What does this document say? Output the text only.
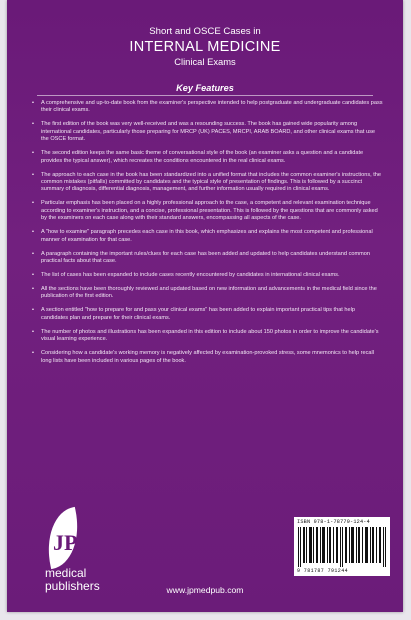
Short and OSCE Cases in
INTERNAL MEDICINE
Clinical Exams
Key Features
• A comprehensive and up-to-date book from the examiner's perspective intended to help postgraduate and undergraduate candidates pass their clinical exams.
• The first edition of the book was very well-received and was a resounding success. The book has gained wide popularity among international candidates, particularly those preparing for MRCP (UK) PACES, MRCPI, ARAB BOARD, and other clinical exams that use the OSCE format.
• The second edition keeps the same basic theme of conversational style of the book (an examiner asks a question and a candidate provides the typical answer), which recreates the conditions encountered in the real clinical exams.
• The approach to each case in the book has been standardized into a unified format that includes the common examiner's instructions, the common mistakes (pitfalls) committed by candidates and the typical style of presentation of findings. This is followed by a succinct summary of diagnosis, differential diagnosis, management, and further information usually required in clinical exams.
• Particular emphasis has been placed on a highly professional approach to the case, a competent and relevant examination technique according to examiner's instruction, and a concise, professional presentation. This is followed by the questions that are commonly asked by the examiners on each case along with their standard answers, encompassing all aspects of the case.
• A "how to examine" paragraph precedes each case in this book, which emphasizes and explains the most competent and professional manner of examination for that case.
• A paragraph containing the important rules/clues for each case has been added and updated to help candidates understand common practical facts about that case.
• The list of cases has been expanded to include cases recently encountered by candidates in international clinical exams.
• All the sections have been thoroughly reviewed and updated based on new information and advancements in the medical field since the publication of the first edition.
• A section entitled "how to prepare for and pass your clinical exams" has been added to explain important practical tips that help candidates plan and prepare for their clinical exams.
• The number of photos and illustrations has been expanded in this edition to include about 150 photos in order to improve the candidate's visual learning experience.
• Considering how a candidate's working memory is negatively affected by examination-provoked stress, some mnemonics to help recall long lists have been included in various pages of the book.
JP
medical
publishers	www.jpmedpub.com
ISBN 978-1-78779-124-4
9 781787 791244
